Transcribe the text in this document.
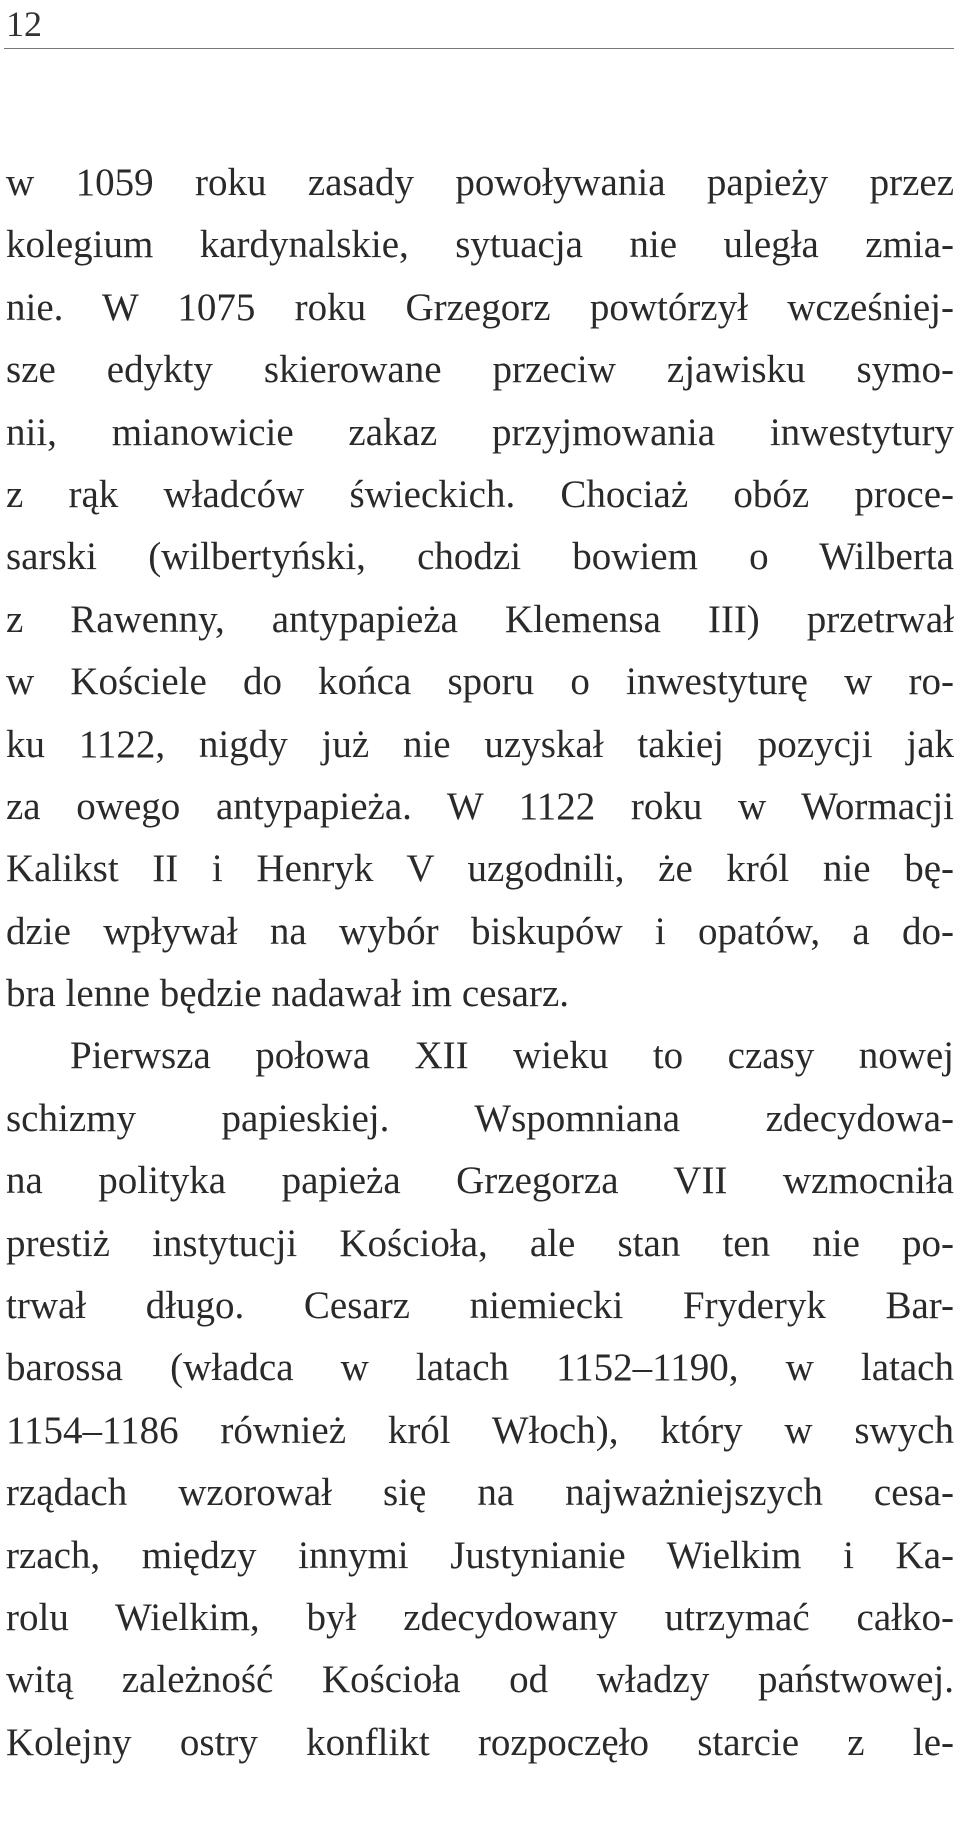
12
w 1059 roku zasady powoływania papieży przez
kolegium kardynalskie, sytuacja nie uległa zmia-
nie. W 1075 roku Grzegorz powtórzył wcześniej-
sze edykty skierowane przeciw zjawisku symo-
nii, mianowicie zakaz przyjmowania inwestytury
z rąk władców świeckich. Chociaż obóz proce-
sarski (wilbertyński, chodzi bowiem o Wilberta
z Rawenny, antypapieża Klemensa III) przetrwał
w Kościele do końca sporu o inwestyturę w ro-
ku 1122, nigdy już nie uzyskał takiej pozycji jak
za owego antypapieża. W 1122 roku w Wormacji
Kalikst II i Henryk V uzgodnili, że król nie bę-
dzie wpływał na wybór biskupów i opatów, a do-
bra lenne będzie nadawał im cesarz.
Pierwsza połowa XII wieku to czasy nowej
schizmy papieskiej. Wspomniana zdecydowa-
na polityka papieża Grzegorza VII wzmocniła
prestiż instytucji Kościoła, ale stan ten nie po-
trwał długo. Cesarz niemiecki Fryderyk Bar-
barossa (władca w latach 1152–1190, w latach
1154–1186 również król Włoch), który w swych
rządach wzorował się na najważniejszych cesa-
rzach, między innymi Justynianie Wielkim i Ka-
rolu Wielkim, był zdecydowany utrzymać całko-
witą zależność Kościoła od władzy państwowej.
Kolejny ostry konflikt rozpoczęło starcie z le-
